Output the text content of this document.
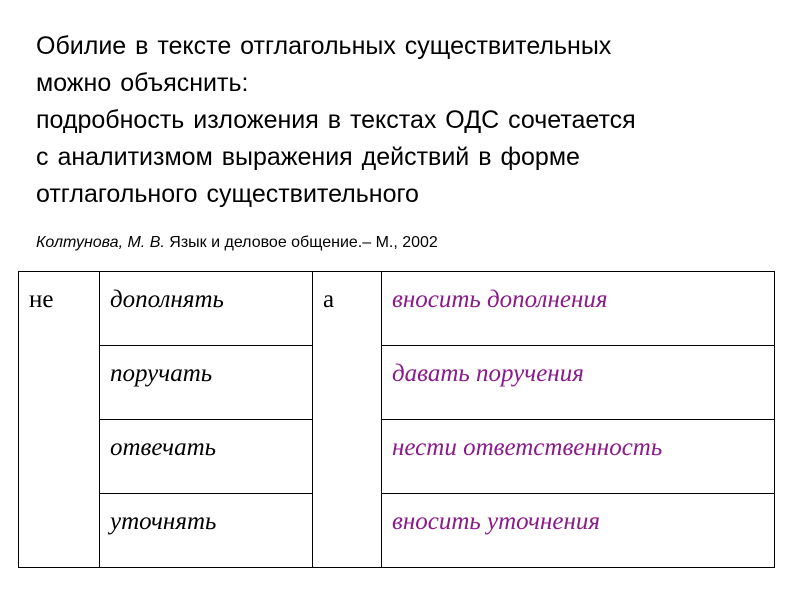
Обилие в тексте отглагольных существительных
можно объяснить:
подробность изложения в текстах ОДС сочетается
с аналитизмом выражения действий в форме
отглагольного существительного
Колтунова, М. В. Язык и деловое общение.– М., 2002
не	дополнять	а	вносить дополнения
	поручать		давать поручения
	отвечать		нести ответственность
	уточнять		вносить уточнения
